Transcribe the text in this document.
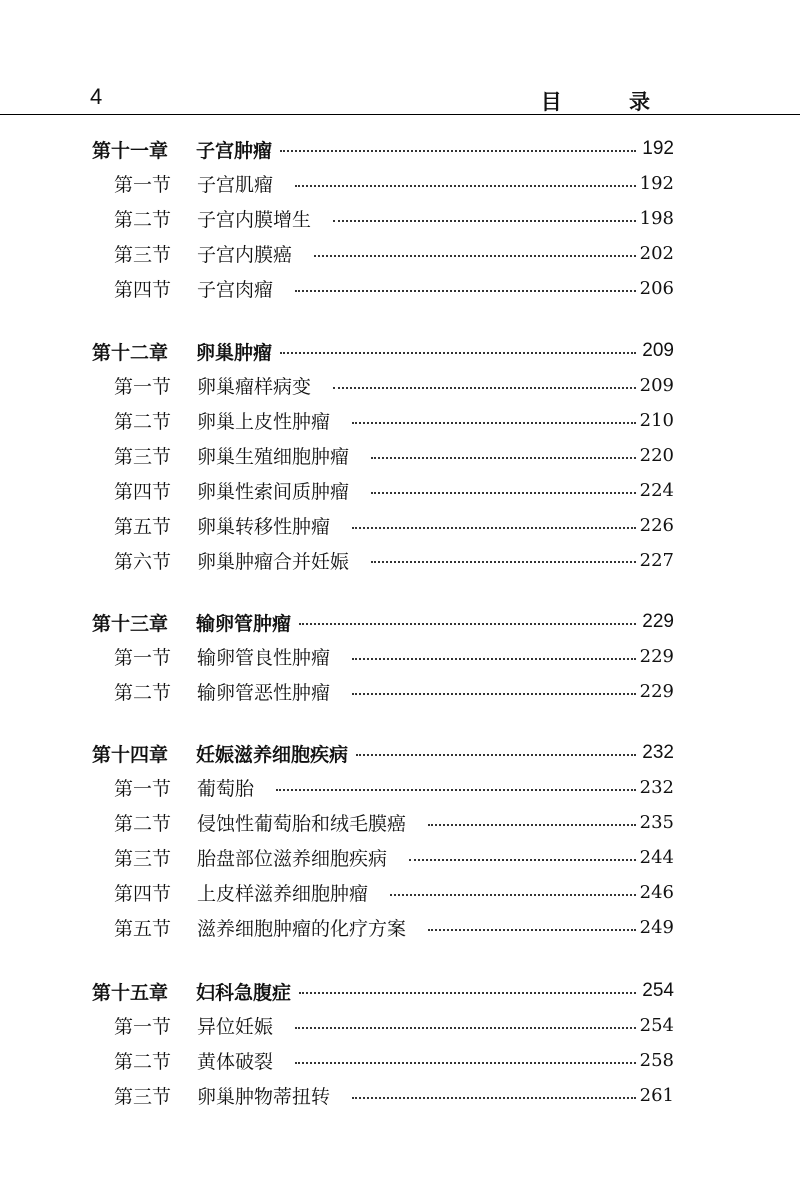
4	目 录
第十一章	子宫肿瘤	192
第一节	子宫肌瘤	192
第二节	子宫内膜增生	198
第三节	子宫内膜癌	202
第四节	子宫肉瘤	206
第十二章	卵巢肿瘤	209
第一节	卵巢瘤样病变	209
第二节	卵巢上皮性肿瘤	210
第三节	卵巢生殖细胞肿瘤	220
第四节	卵巢性索间质肿瘤	224
第五节	卵巢转移性肿瘤	226
第六节	卵巢肿瘤合并妊娠	227
第十三章	输卵管肿瘤	229
第一节	输卵管良性肿瘤	229
第二节	输卵管恶性肿瘤	229
第十四章	妊娠滋养细胞疾病	232
第一节	葡萄胎	232
第二节	侵蚀性葡萄胎和绒毛膜癌	235
第三节	胎盘部位滋养细胞疾病	244
第四节	上皮样滋养细胞肿瘤	246
第五节	滋养细胞肿瘤的化疗方案	249
第十五章	妇科急腹症	254
第一节	异位妊娠	254
第二节	黄体破裂	258
第三节	卵巢肿物蒂扭转	261
